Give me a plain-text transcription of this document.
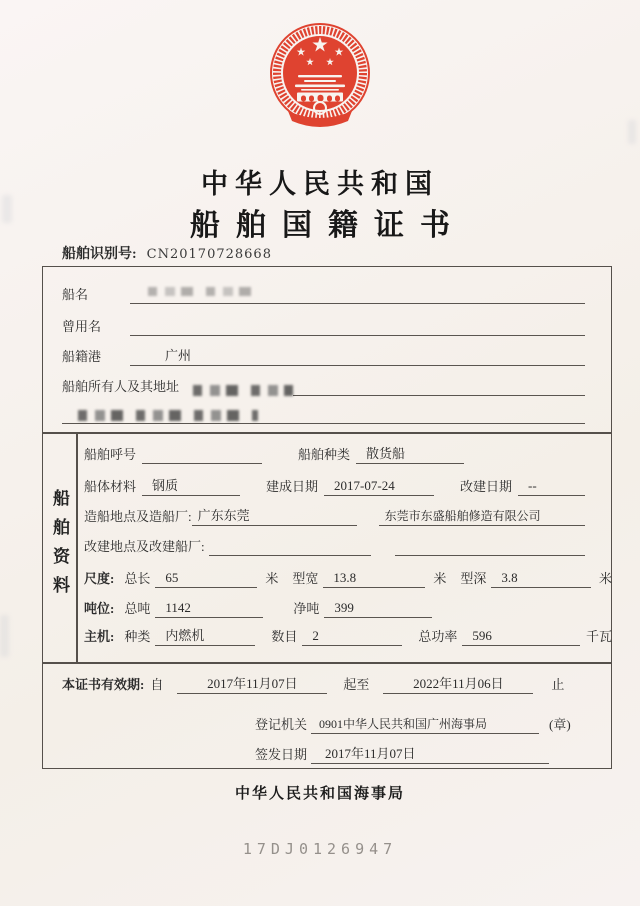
中华人民共和国
船舶国籍证书
船舶识别号: CN20170728668
船舶资料
船名
曾用名
船籍港	广州
船舶所有人及其地址
船舶呼号	船舶种类	散货船
船体材料	钢质	建成日期	2017-07-24	改建日期	--
造船地点及造船厂: 广东东莞	东莞市东盛船舶修造有限公司
改建地点及改建船厂:
尺度: 总长	65	米 型宽	13.8	米 型深	3.8	米
吨位: 总吨	1142	净吨	399
主机: 种类	内燃机	数目	2	总功率	596	千瓦
本证书有效期: 自	2017年11月07日	起至	2022年11月06日	止
登记机关	0901中华人民共和国广州海事局	(章)
签发日期	2017年11月07日
中华人民共和国海事局
17DJ0126947
